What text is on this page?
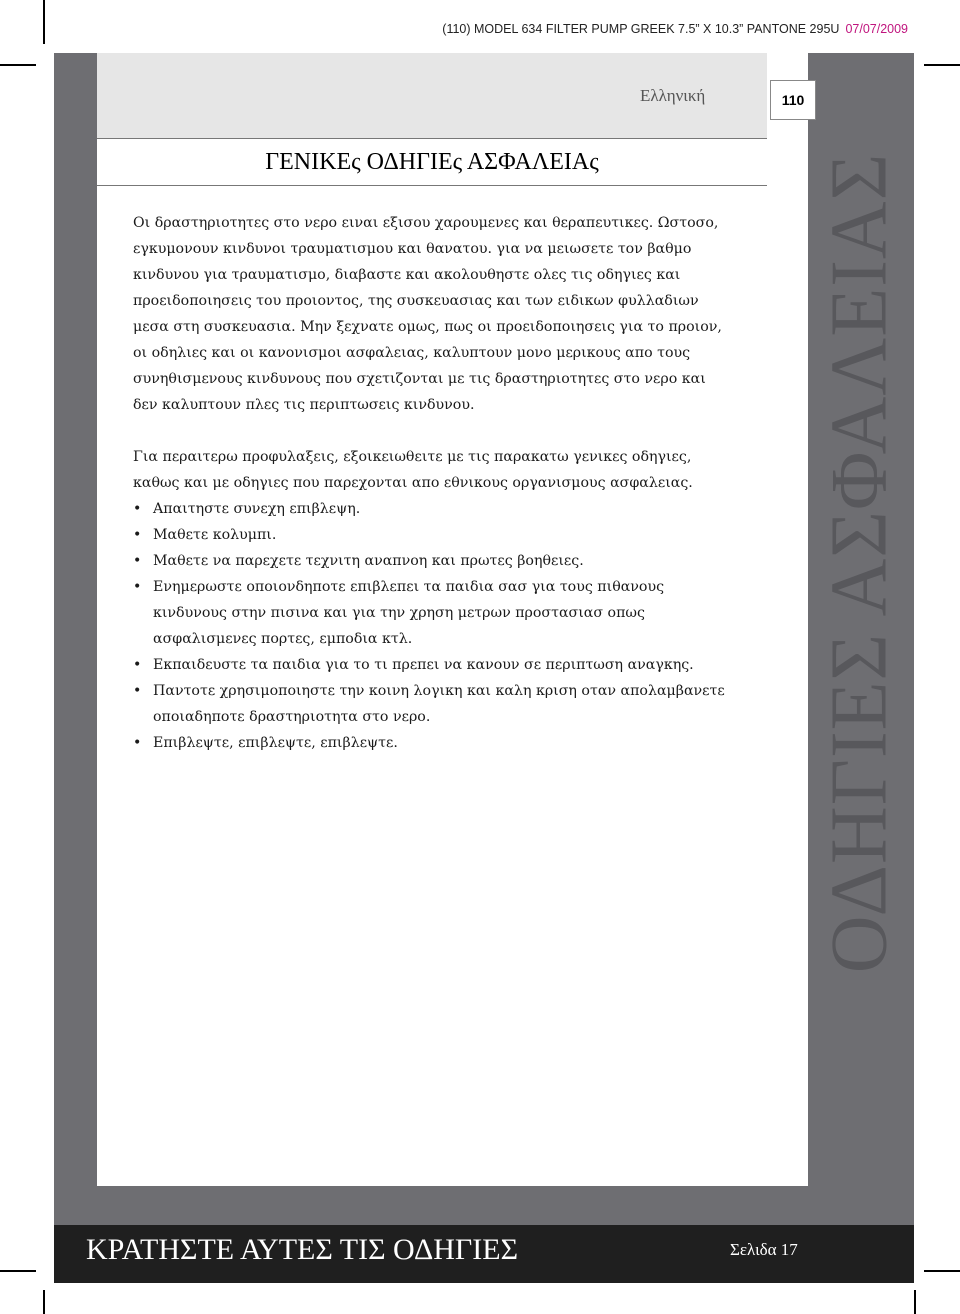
(110) MODEL 634 FILTER PUMP GREEK 7.5” X 10.3” PANTONE 295U 07/07/2009
ΟΔΗΓΙΕΣ ΑΣΦΑΛΕΙΑΣ
Ελληνική	110
ΓΕΝΙΚΕς ΟΔΗΓΙΕς ΑΣΦΑΛΕΙΑς

Οι δραστηριοτητες στο νερο ειναι εξισου χαρουμενες και θεραπευτικες. Ωστοσο, εγκυμονουν κινδυνοι τραυματισμου και θανατου. για να μειωσετε τον βαθμο κινδυνου για τραυματισμο, διαβαστε και ακολουθηστε ολες τις οδηγιες και προειδοποιησεις του προιοντος, της συσκευασιας και των ειδικων φυλλαδιων μεσα στη συσκευασια. Μην ξεχνατε ομως, πως οι προειδοποιησεις για το προιον, οι οδηλιες και οι κανονισμοι ασφαλειας, καλυπτουν μονο μερικους απο τους συνηθισμενους κινδυνους που σχετιζονται με τις δραστηριοτητες στο νερο και δεν καλυπτουν πλες τις περιπτωσεις κινδυνου.

Για περαιτερω προφυλαξεις, εξοικειωθειτε με τις παρακατω γενικες οδηγιες, καθως και με οδηγιες που παρεχονται απο εθνικους οργανισμους ασφαλειας.

• Απαιτηστε συνεχη επιβλεψη.
• Μαθετε κολυμπι.
• Μαθετε να παρεχετε τεχνιτη αναπνοη και πρωτες βοηθειες.
• Ενημερωστε οποιονδηποτε επιβλεπει τα παιδια σασ για τους πιθανους κινδυνους στην πισινα και για την χρηση μετρων προστασιασ οπως ασφαλισμενες πορτες, εμποδια κτλ.
• Εκπαιδευστε τα παιδια για το τι πρεπει να κανουν σε περιπτωση αναγκης.
• Παντοτε χρησιμοποιηστε την κοινη λογικη και καλη κριση οταν απολαμβανετε οποιαδηποτε δραστηριοτητα στο νερο.
• Επιβλεψτε, επιβλεψτε, επιβλεψτε.
ΚΡΑΤΗΣΤΕ ΑΥΤΕΣ ΤΙΣ ΟΔΗΓΙΕΣ	Σελιδα 17
